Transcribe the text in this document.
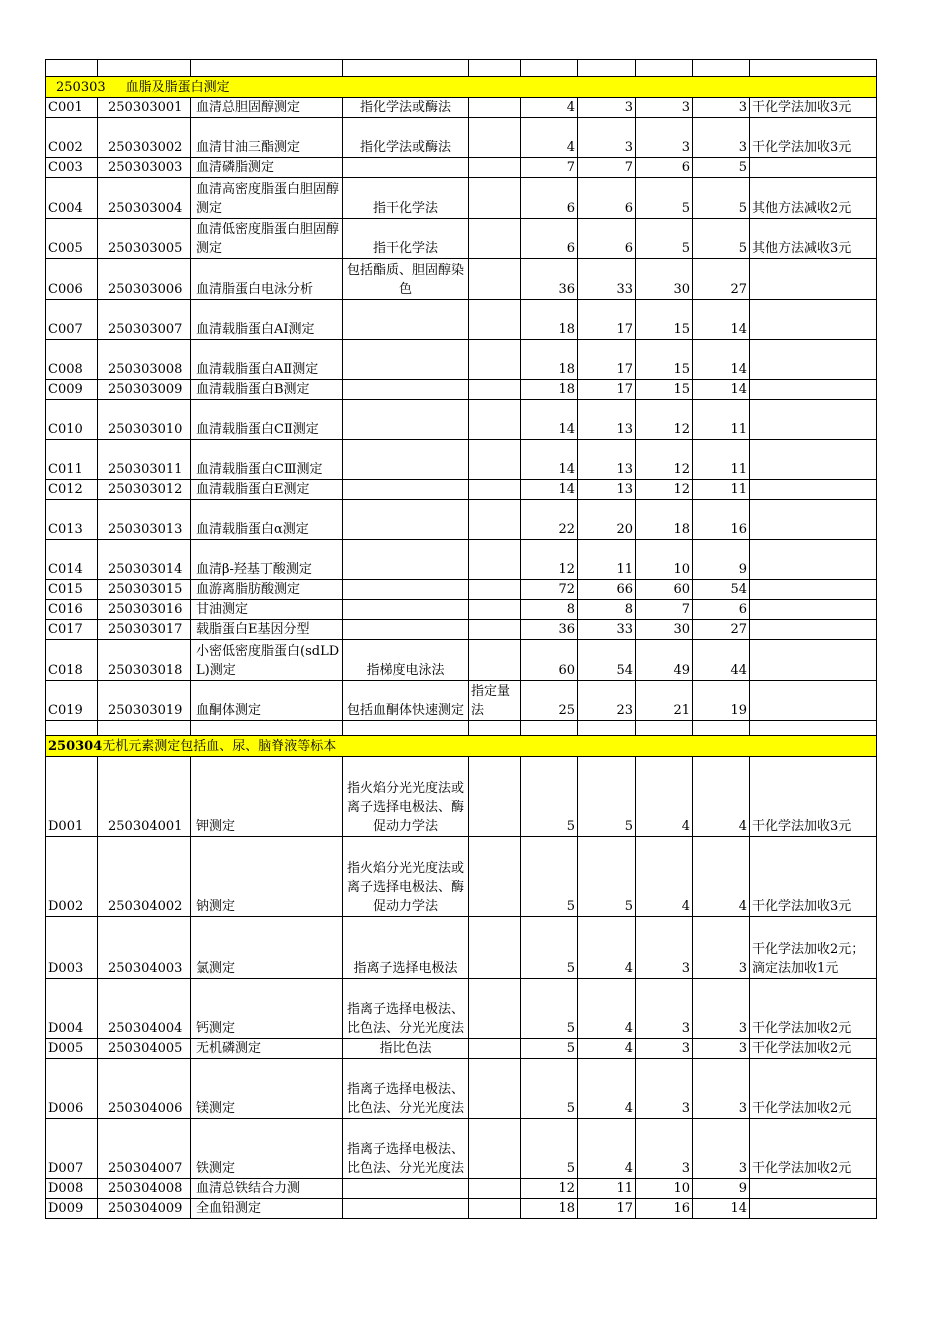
250303 血脂及脂蛋白测定									
C001	250303001	血清总胆固醇测定	指化学法或酶法		4	3	3	3	干化学法加收3元
C002	250303002	血清甘油三酯测定	指化学法或酶法		4	3	3	3	干化学法加收3元
C003	250303003	血清磷脂测定			7	7	6	5	
C004	250303004	血清高密度脂蛋白胆固醇测定	指干化学法		6	6	5	5	其他方法减收2元
C005	250303005	血清低密度脂蛋白胆固醇测定	指干化学法		6	6	5	5	其他方法减收3元
C006	250303006	血清脂蛋白电泳分析	包括酯质、胆固醇染色		36	33	30	27	
C007	250303007	血清载脂蛋白AⅠ测定			18	17	15	14	
C008	250303008	血清载脂蛋白AⅡ测定			18	17	15	14	
C009	250303009	血清载脂蛋白B测定			18	17	15	14	
C010	250303010	血清载脂蛋白CⅡ测定			14	13	12	11	
C011	250303011	血清载脂蛋白CⅢ测定			14	13	12	11	
C012	250303012	血清载脂蛋白E测定			14	13	12	11	
C013	250303013	血清载脂蛋白α测定			22	20	18	16	
C014	250303014	血清β-羟基丁酸测定			12	11	10	9	
C015	250303015	血游离脂肪酸测定			72	66	60	54	
C016	250303016	甘油测定			8	8	7	6	
C017	250303017	载脂蛋白E基因分型			36	33	30	27	
C018	250303018	小密低密度脂蛋白(sdLDL)测定	指梯度电泳法		60	54	49	44	
C019	250303019	血酮体测定	包括血酮体快速测定	指定量法	25	23	21	19	

250304无机元素测定包括血、尿、脑脊液等标本									
D001	250304001	钾测定	指火焰分光光度法或离子选择电极法、酶促动力学法		5	5	4	4	干化学法加收3元
D002	250304002	钠测定	指火焰分光光度法或离子选择电极法、酶促动力学法		5	5	4	4	干化学法加收3元
D003	250304003	氯测定	指离子选择电极法		5	4	3	3	干化学法加收2元；滴定法加收1元
D004	250304004	钙测定	指离子选择电极法、比色法、分光光度法		5	4	3	3	干化学法加收2元
D005	250304005	无机磷测定	指比色法		5	4	3	3	干化学法加收2元
D006	250304006	镁测定	指离子选择电极法、比色法、分光光度法		5	4	3	3	干化学法加收2元
D007	250304007	铁测定	指离子选择电极法、比色法、分光光度法		5	4	3	3	干化学法加收2元
D008	250304008	血清总铁结合力测			12	11	10	9	
D009	250304009	全血铅测定			18	17	16	14	
